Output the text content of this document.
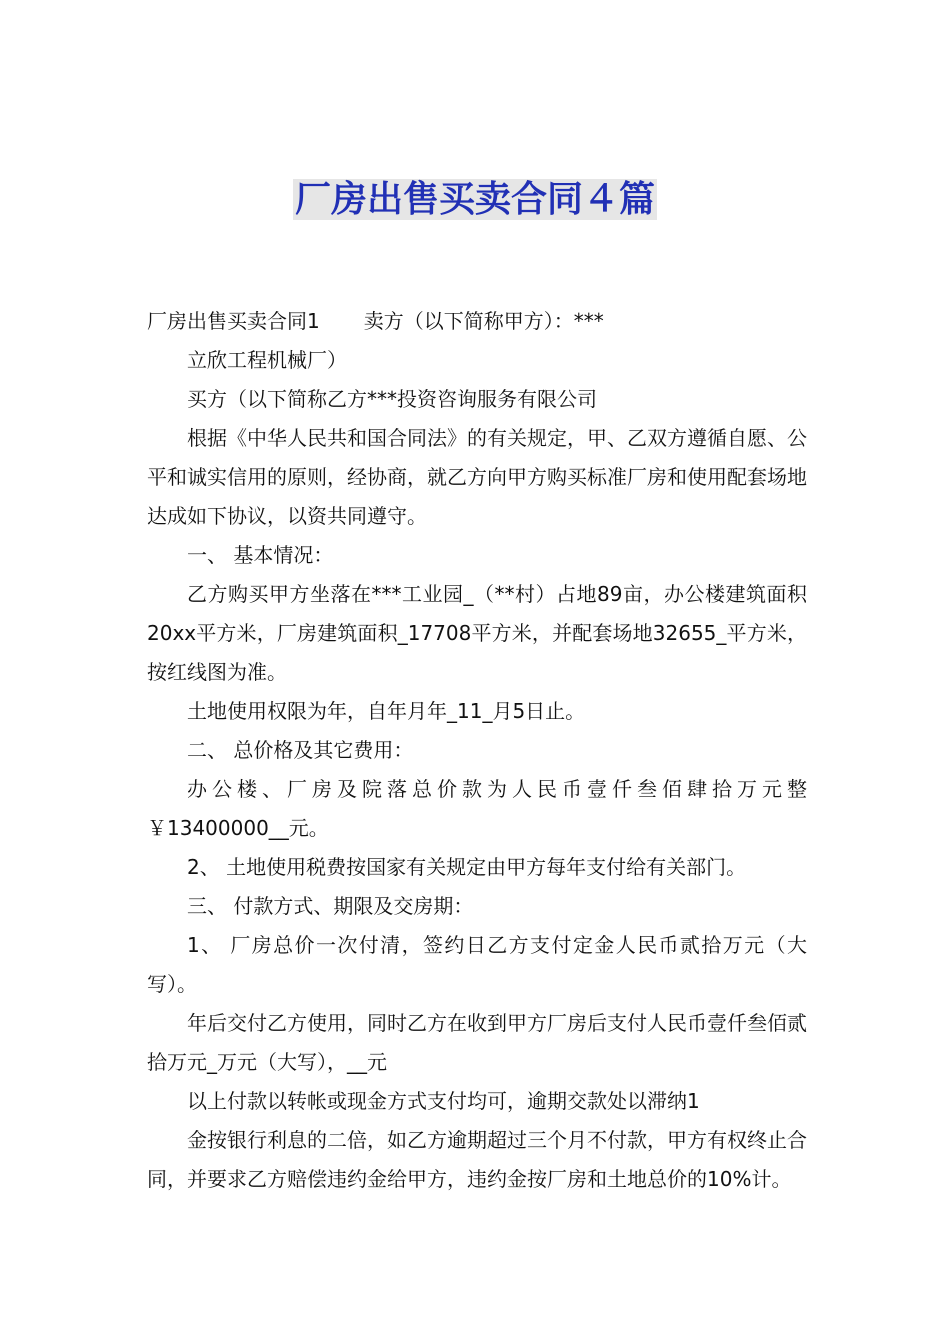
厂房出售买卖合同４篇

厂房出售买卖合同1 卖方（以下简称甲方）：***

立欣工程机械厂）

买方（以下简称乙方***投资咨询服务有限公司

根据《中华人民共和国合同法》的有关规定，甲、乙双方遵循自愿、公平和诚实信用的原则，经协商，就乙方向甲方购买标准厂房和使用配套场地达成如下协议，以资共同遵守。

一、 基本情况：

乙方购买甲方坐落在***工业园_（**村）占地89亩，办公楼建筑面积 20xx平方米，厂房建筑面积_17708平方米，并配套场地32655_平方米，按红线图为准。

土地使用权限为年，自年月年_11_月5日止。

二、 总价格及其它费用：

办公楼、厂房及院落总价款为人民币壹仟叁佰肆拾万元整￥13400000__元。

2、 土地使用税费按国家有关规定由甲方每年支付给有关部门。

三、 付款方式、期限及交房期：

1、 厂房总价一次付清，签约日乙方支付定金人民币贰拾万元（大写）。

年后交付乙方使用，同时乙方在收到甲方厂房后支付人民币壹仟叁佰贰拾万元_万元（大写），__元

以上付款以转帐或现金方式支付均可，逾期交款处以滞纳1

金按银行利息的二倍，如乙方逾期超过三个月不付款，甲方有权终止合同，并要求乙方赔偿违约金给甲方，违约金按厂房和土地总价的10%计。
